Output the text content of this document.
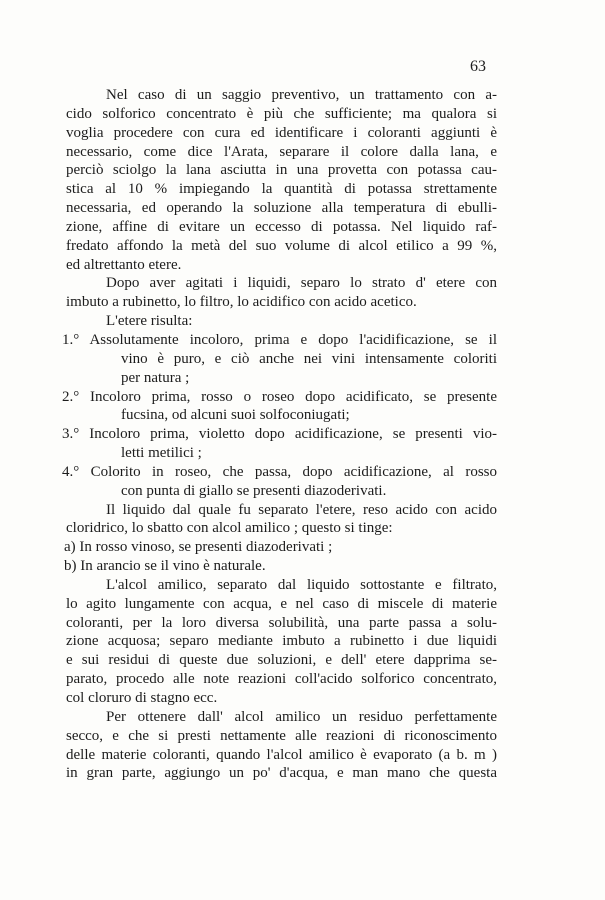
63
Nel caso di un saggio preventivo, un trattamento con a-
cido solforico concentrato è più che sufficiente; ma qualora si
voglia procedere con cura ed identificare i coloranti aggiunti è
necessario, come dice l'Arata, separare il colore dalla lana, e
perciò sciolgo la lana asciutta in una provetta con potassa cau-
stica al 10 % impiegando la quantità di potassa strettamente
necessaria, ed operando la soluzione alla temperatura di ebulli-
zione, affine di evitare un eccesso di potassa. Nel liquido raf-
fredato affondo la metà del suo volume di alcol etilico a 99 %,
ed altrettanto etere.
Dopo aver agitati i liquidi, separo lo strato d' etere con
imbuto a rubinetto, lo filtro, lo acidifico con acido acetico.
L'etere risulta:
1.° Assolutamente incoloro, prima e dopo l'acidificazione, se il
vino è puro, e ciò anche nei vini intensamente coloriti
per natura ;
2.° Incoloro prima, rosso o roseo dopo acidificato, se presente
fucsina, od alcuni suoi solfoconiugati;
3.° Incoloro prima, violetto dopo acidificazione, se presenti vio-
letti metilici ;
4.° Colorito in roseo, che passa, dopo acidificazione, al rosso
con punta di giallo se presenti diazoderivati.
Il liquido dal quale fu separato l'etere, reso acido con acido
cloridrico, lo sbatto con alcol amilico ; questo si tinge:
a) In rosso vinoso, se presenti diazoderivati ;
b) In arancio se il vino è naturale.
L'alcol amilico, separato dal liquido sottostante e filtrato,
lo agito lungamente con acqua, e nel caso di miscele di materie
coloranti, per la loro diversa solubilità, una parte passa a solu-
zione acquosa; separo mediante imbuto a rubinetto i due liquidi
e sui residui di queste due soluzioni, e dell' etere dapprima se-
parato, procedo alle note reazioni coll'acido solforico concentrato,
col cloruro di stagno ecc.
Per ottenere dall' alcol amilico un residuo perfettamente
secco, e che si presti nettamente alle reazioni di riconoscimento
delle materie coloranti, quando l'alcol amilico è evaporato (a b. m )
in gran parte, aggiungo un po' d'acqua, e man mano che questa
